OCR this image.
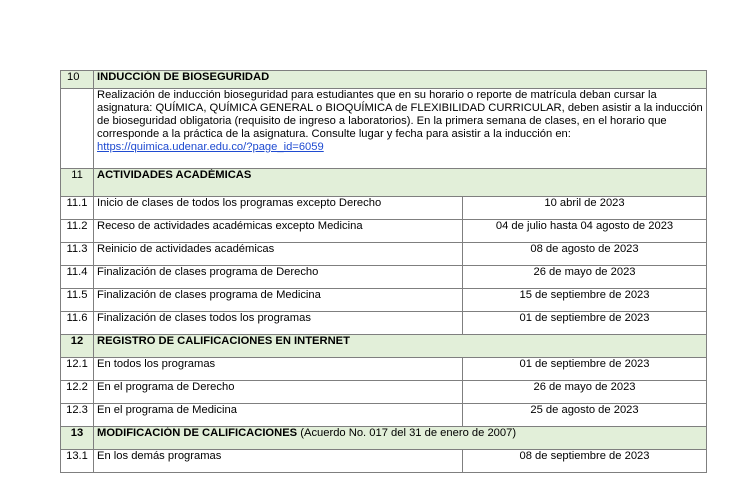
10	INDUCCIÓN DE BIOSEGURIDAD	
	Realización de inducción bioseguridad para estudiantes que en su horario o reporte de matrícula deban cursar la asignatura: QUÍMICA, QUÍMICA GENERAL o BIOQUÍMICA de FLEXIBILIDAD CURRICULAR, deben asistir a la inducción de bioseguridad obligatoria (requisito de ingreso a laboratorios). En la primera semana de clases, en el horario que corresponde a la práctica de la asignatura. Consulte lugar y fecha para asistir a la inducción en:
https://quimica.udenar.edu.co/?page_id=6059	
11	ACTIVIDADES ACADÉMICAS	
11.1	Inicio de clases de todos los programas excepto Derecho	10 abril de 2023
11.2	Receso de actividades académicas excepto Medicina	04 de julio hasta 04 agosto de 2023
11.3	Reinicio de actividades académicas	08 de agosto de 2023
11.4	Finalización de clases programa de Derecho	26 de mayo de 2023
11.5	Finalización de clases programa de Medicina	15 de septiembre de 2023
11.6	Finalización de clases todos los programas	01 de septiembre de 2023
12	REGISTRO DE CALIFICACIONES EN INTERNET	
12.1	En todos los programas	01 de septiembre de 2023
12.2	En el programa de Derecho	26 de mayo de 2023
12.3	En el programa de Medicina	25 de agosto de 2023
13	MODIFICACIÓN DE CALIFICACIONES (Acuerdo No. 017 del 31 de enero de 2007)	
13.1	En los demás programas	08 de septiembre de 2023
